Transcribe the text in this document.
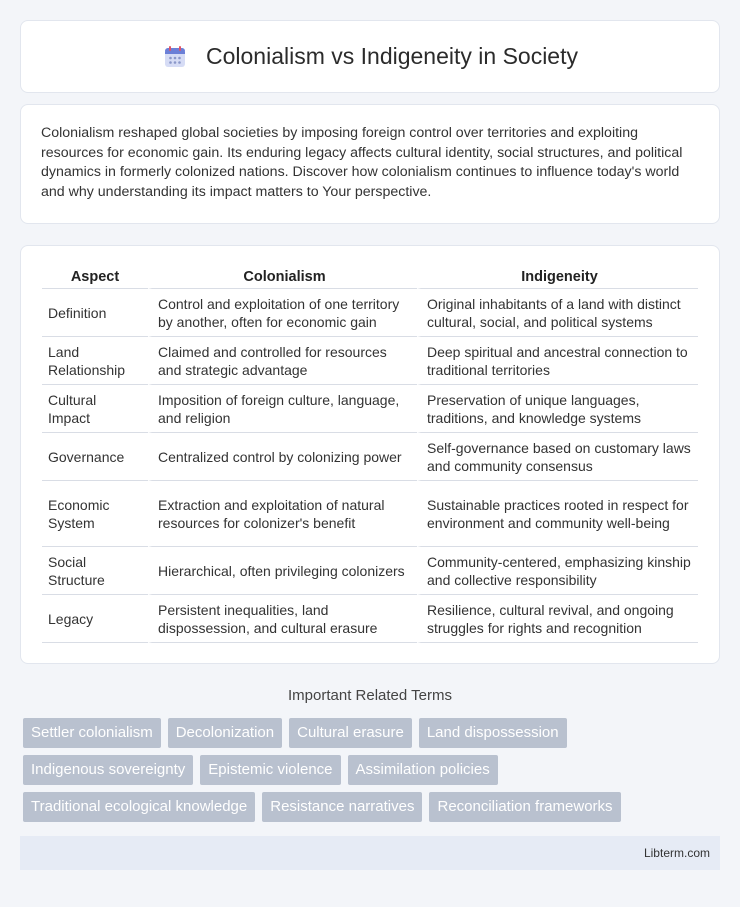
Colonialism vs Indigeneity in Society
Colonialism reshaped global societies by imposing foreign control over territories and exploiting resources for economic gain. Its enduring legacy affects cultural identity, social structures, and political dynamics in formerly colonized nations. Discover how colonialism continues to influence today's world and why understanding its impact matters to Your perspective.
Aspect	Colonialism	Indigeneity
Definition	Control and exploitation of one territory by another, often for economic gain	Original inhabitants of a land with distinct cultural, social, and political systems
Land Relationship	Claimed and controlled for resources and strategic advantage	Deep spiritual and ancestral connection to traditional territories
Cultural Impact	Imposition of foreign culture, language, and religion	Preservation of unique languages, traditions, and knowledge systems
Governance	Centralized control by colonizing power	Self-governance based on customary laws and community consensus
Economic System	Extraction and exploitation of natural resources for colonizer's benefit	Sustainable practices rooted in respect for environment and community well-being
Social Structure	Hierarchical, often privileging colonizers	Community-centered, emphasizing kinship and collective responsibility
Legacy	Persistent inequalities, land dispossession, and cultural erasure	Resilience, cultural revival, and ongoing struggles for rights and recognition
Important Related Terms
Settler colonialism	Decolonization	Cultural erasure	Land dispossession
Indigenous sovereignty	Epistemic violence	Assimilation policies
Traditional ecological knowledge	Resistance narratives	Reconciliation frameworks
Libterm.com
